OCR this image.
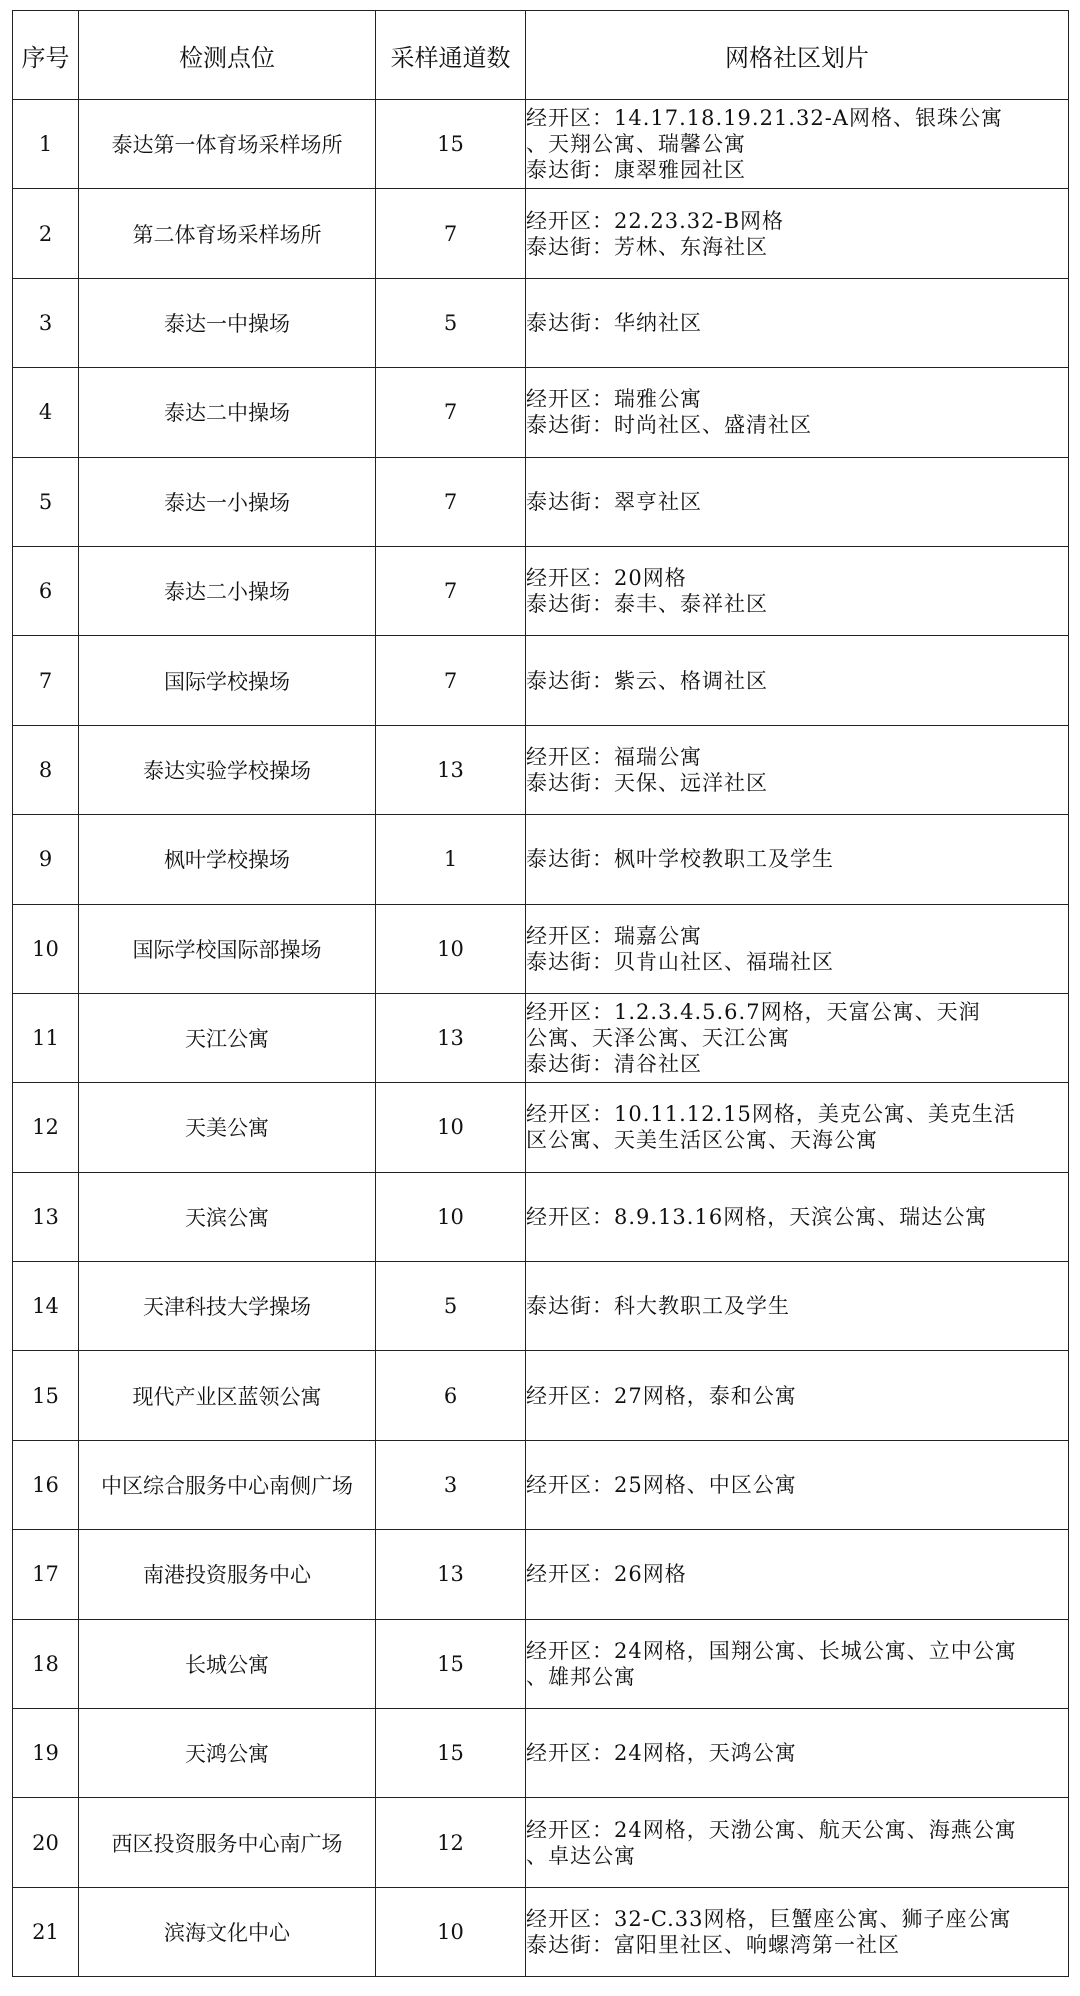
序号	检测点位	采样通道数	网格社区划片
1	泰达第一体育场采样场所	15	经开区：14.17.18.19.21.32-A网格、银珠公寓
、天翔公寓、瑞馨公寓
泰达街：康翠雅园社区

2	第二体育场采样场所	7	经开区：22.23.32-B网格
泰达街：芳林、东海社区

3	泰达一中操场	5	泰达街：华纳社区

4	泰达二中操场	7	经开区：瑞雅公寓
泰达街：时尚社区、盛清社区

5	泰达一小操场	7	泰达街：翠亨社区

6	泰达二小操场	7	经开区：20网格
泰达街：泰丰、泰祥社区

7	国际学校操场	7	泰达街：紫云、格调社区

8	泰达实验学校操场	13	经开区：福瑞公寓
泰达街：天保、远洋社区

9	枫叶学校操场	1	泰达街：枫叶学校教职工及学生

10	国际学校国际部操场	10	经开区：瑞嘉公寓
泰达街：贝肯山社区、福瑞社区

11	天江公寓	13	经开区：1.2.3.4.5.6.7网格，天富公寓、天润
公寓、天泽公寓、天江公寓
泰达街：清谷社区

12	天美公寓	10	经开区：10.11.12.15网格，美克公寓、美克生活
区公寓、天美生活区公寓、天海公寓

13	天滨公寓	10	经开区：8.9.13.16网格，天滨公寓、瑞达公寓

14	天津科技大学操场	5	泰达街：科大教职工及学生

15	现代产业区蓝领公寓	6	经开区：27网格，泰和公寓

16	中区综合服务中心南侧广场	3	经开区：25网格、中区公寓

17	南港投资服务中心	13	经开区：26网格

18	长城公寓	15	经开区：24网格，国翔公寓、长城公寓、立中公寓
、雄邦公寓

19	天鸿公寓	15	经开区：24网格，天鸿公寓

20	西区投资服务中心南广场	12	经开区：24网格，天渤公寓、航天公寓、海燕公寓
、卓达公寓

21	滨海文化中心	10	经开区：32-C.33网格，巨蟹座公寓、狮子座公寓
泰达街：富阳里社区、响螺湾第一社区
